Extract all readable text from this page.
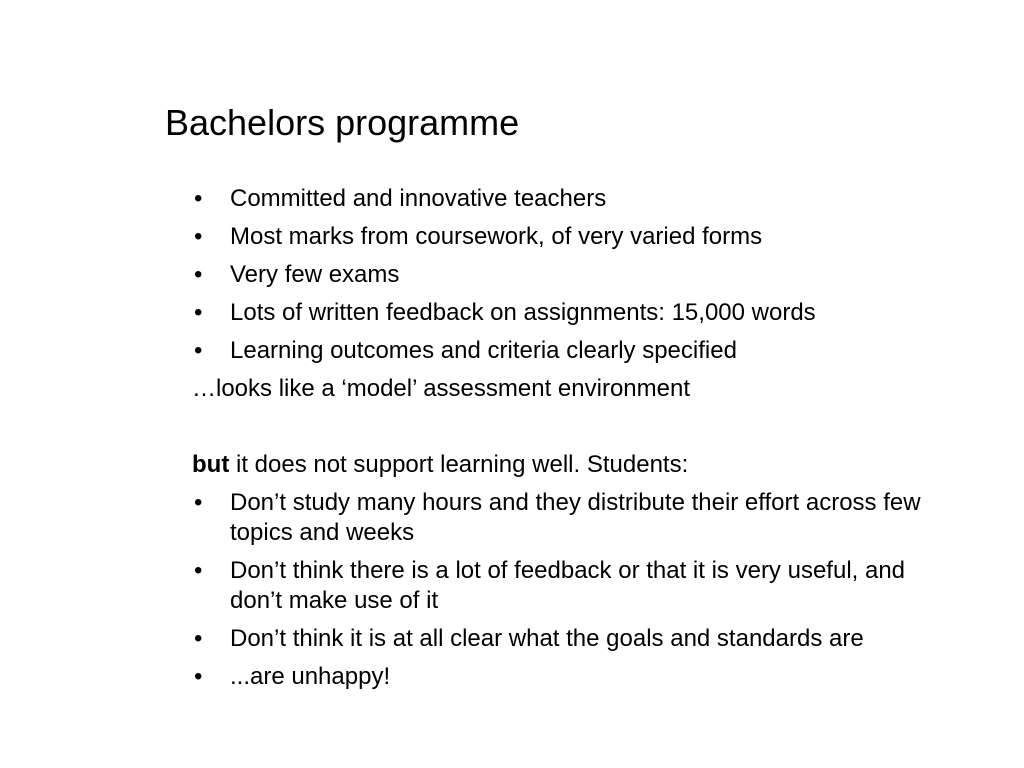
Bachelors programme
• Committed and innovative teachers
• Most marks from coursework, of very varied forms
• Very few exams
• Lots of written feedback on assignments: 15,000 words
• Learning outcomes and criteria clearly specified
…looks like a ‘model’ assessment environment
but it does not support learning well. Students:
• Don’t study many hours and they distribute their effort across few topics and weeks
• Don’t think there is a lot of feedback or that it is very useful, and don’t make use of it
• Don’t think it is at all clear what the goals and standards are
• ...are unhappy!
